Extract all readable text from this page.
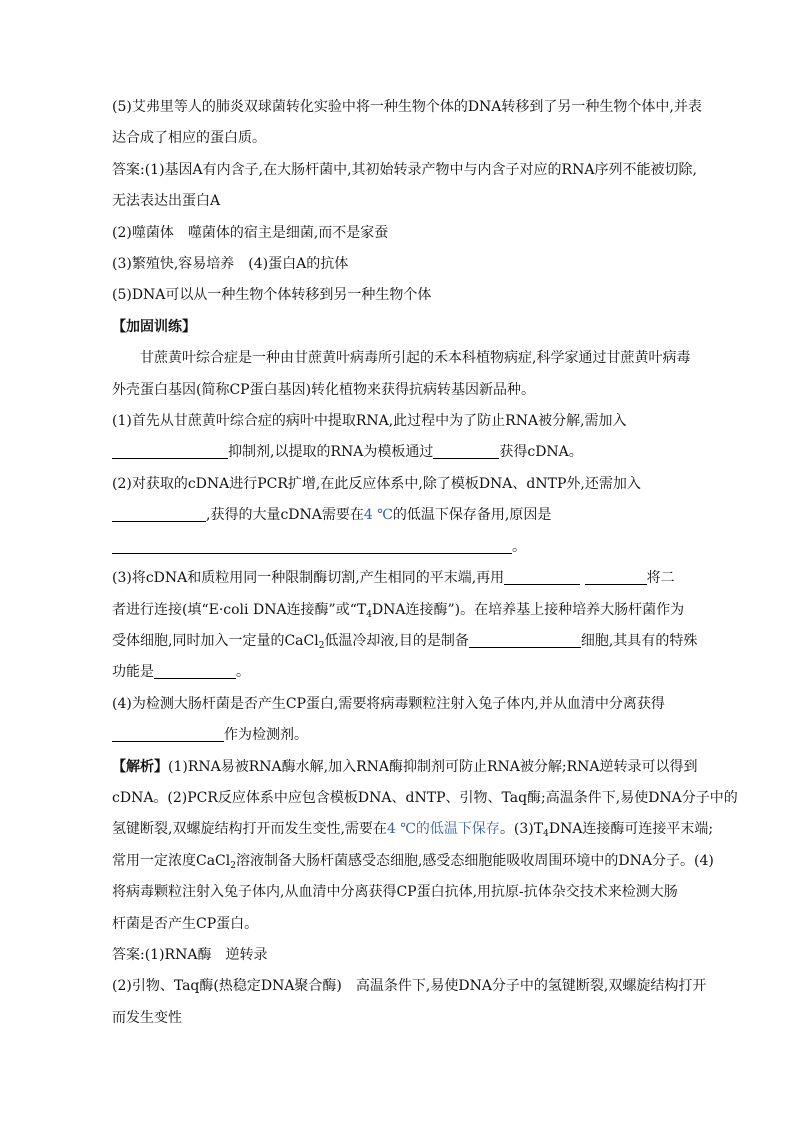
(5)艾弗里等人的肺炎双球菌转化实验中将一种生物个体的DNA转移到了另一种生物个体中,并表
达合成了相应的蛋白质。
答案:(1)基因A有内含子,在大肠杆菌中,其初始转录产物中与内含子对应的RNA序列不能被切除,
无法表达出蛋白A
(2)噬菌体　噬菌体的宿主是细菌,而不是家蚕
(3)繁殖快,容易培养　(4)蛋白A的抗体
(5)DNA可以从一种生物个体转移到另一种生物个体
【加固训练】
甘蔗黄叶综合症是一种由甘蔗黄叶病毒所引起的禾本科植物病症,科学家通过甘蔗黄叶病毒
外壳蛋白基因(简称CP蛋白基因)转化植物来获得抗病转基因新品种。
(1)首先从甘蔗黄叶综合症的病叶中提取RNA,此过程中为了防止RNA被分解,需加入
抑制剂,以提取的RNA为模板通过	获得cDNA。
(2)对获取的cDNA进行PCR扩增,在此反应体系中,除了模板DNA、dNTP外,还需加入
,获得的大量cDNA需要在4 ℃的低温下保存备用,原因是
。
(3)将cDNA和质粒用同一种限制酶切割,产生相同的平末端,再用	将二
者进行连接(填“E·coli DNA连接酶”或“$T_4DNA$连接酶”)。在培养基上接种培养大肠杆菌作为
受体细胞,同时加入一定量的CaCl$_2$低温冷却液,目的是制备	细胞,其具有的特殊
功能是	。
(4)为检测大肠杆菌是否产生CP蛋白,需要将病毒颗粒注射入兔子体内,并从血清中分离获得
作为检测剂。
【解析】(1)RNA易被RNA酶水解,加入RNA酶抑制剂可防止RNA被分解;RNA逆转录可以得到
cDNA。(2)PCR反应体系中应包含模板DNA、dNTP、引物、Taq酶;高温条件下,易使DNA分子中的
氢键断裂,双螺旋结构打开而发生变性,需要在4 ℃的低温下保存。$(3)T_4DNA$连接酶可连接平末端;
常用一定浓度CaCl$_2$溶液制备大肠杆菌感受态细胞,感受态细胞能吸收周围环境中的DNA分子。(4)
将病毒颗粒注射入兔子体内,从血清中分离获得CP蛋白抗体,用抗原-抗体杂交技术来检测大肠
杆菌是否产生CP蛋白。
答案:(1)RNA酶　逆转录
(2)引物、Taq酶(热稳定DNA聚合酶)　高温条件下,易使DNA分子中的氢键断裂,双螺旋结构打开
而发生变性
